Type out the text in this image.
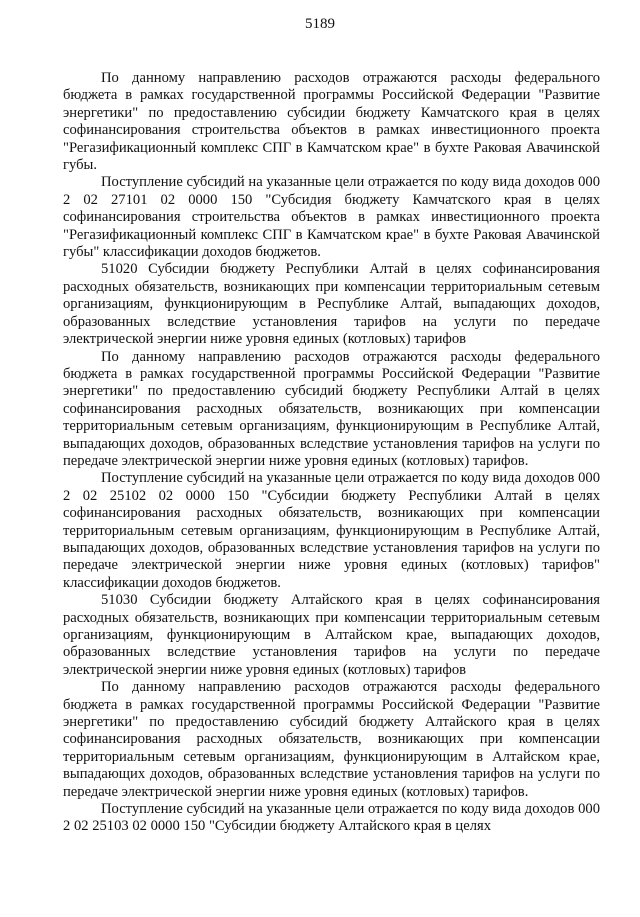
5189

По данному направлению расходов отражаются расходы федерального бюджета в рамках государственной программы Российской Федерации "Развитие энергетики" по предоставлению субсидии бюджету Камчатского края в целях софинансирования строительства объектов в рамках инвестиционного проекта "Регазификационный комплекс СПГ в Камчатском крае" в бухте Раковая Авачинской губы.

Поступление субсидий на указанные цели отражается по коду вида доходов 000 2 02 27101 02 0000 150 "Субсидия бюджету Камчатского края в целях софинансирования строительства объектов в рамках инвестиционного проекта "Регазификационный комплекс СПГ в Камчатском крае" в бухте Раковая Авачинской губы" классификации доходов бюджетов.

51020 Субсидии бюджету Республики Алтай в целях софинансирования расходных обязательств, возникающих при компенсации территориальным сетевым организациям, функционирующим в Республике Алтай, выпадающих доходов, образованных вследствие установления тарифов на услуги по передаче электрической энергии ниже уровня единых (котловых) тарифов

По данному направлению расходов отражаются расходы федерального бюджета в рамках государственной программы Российской Федерации "Развитие энергетики" по предоставлению субсидий бюджету Республики Алтай в целях софинансирования расходных обязательств, возникающих при компенсации территориальным сетевым организациям, функционирующим в Республике Алтай, выпадающих доходов, образованных вследствие установления тарифов на услуги по передаче электрической энергии ниже уровня единых (котловых) тарифов.

Поступление субсидий на указанные цели отражается по коду вида доходов 000 2 02 25102 02 0000 150 "Субсидии бюджету Республики Алтай в целях софинансирования расходных обязательств, возникающих при компенсации территориальным сетевым организациям, функционирующим в Республике Алтай, выпадающих доходов, образованных вследствие установления тарифов на услуги по передаче электрической энергии ниже уровня единых (котловых) тарифов" классификации доходов бюджетов.

51030 Субсидии бюджету Алтайского края в целях софинансирования расходных обязательств, возникающих при компенсации территориальным сетевым организациям, функционирующим в Алтайском крае, выпадающих доходов, образованных вследствие установления тарифов на услуги по передаче электрической энергии ниже уровня единых (котловых) тарифов

По данному направлению расходов отражаются расходы федерального бюджета в рамках государственной программы Российской Федерации "Развитие энергетики" по предоставлению субсидий бюджету Алтайского края в целях софинансирования расходных обязательств, возникающих при компенсации территориальным сетевым организациям, функционирующим в Алтайском крае, выпадающих доходов, образованных вследствие установления тарифов на услуги по передаче электрической энергии ниже уровня единых (котловых) тарифов.

Поступление субсидий на указанные цели отражается по коду вида доходов 000 2 02 25103 02 0000 150 "Субсидии бюджету Алтайского края в целях
